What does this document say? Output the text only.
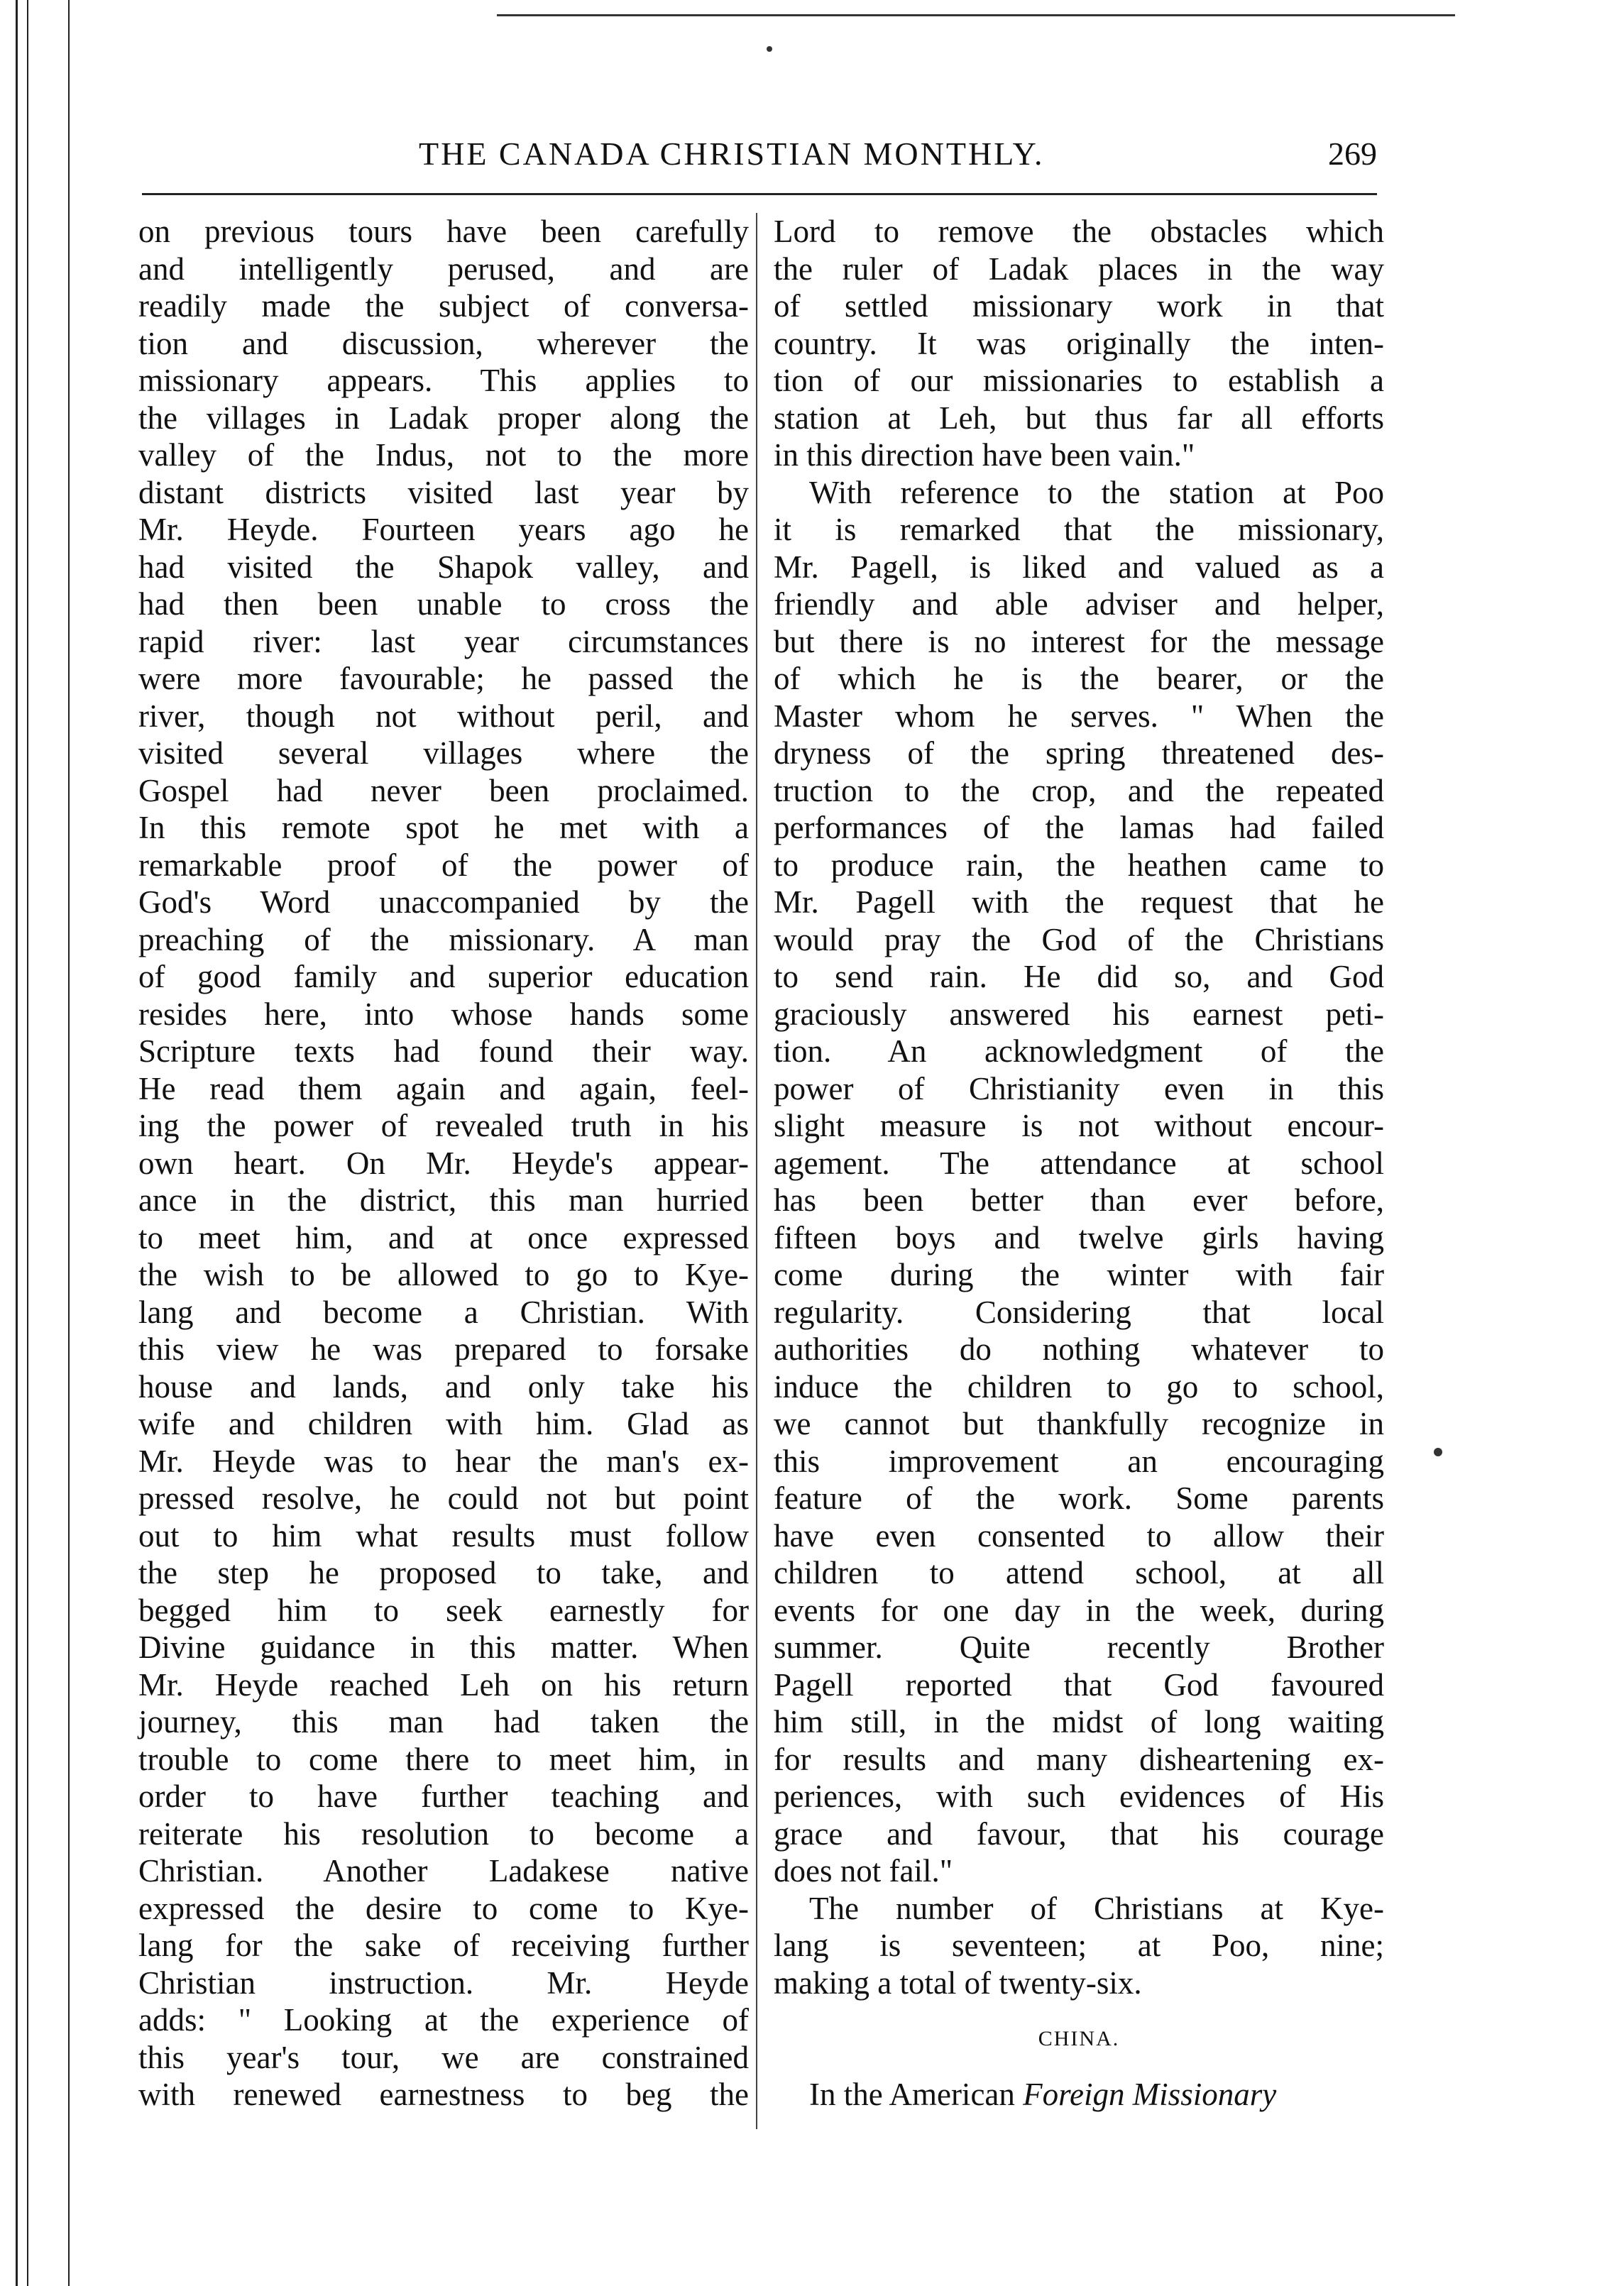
THE CANADA CHRISTIAN MONTHLY.	269
on previous tours have been carefully
and intelligently perused, and are
readily made the subject of conversa-
tion and discussion, wherever the
missionary appears. This applies to
the villages in Ladak proper along the
valley of the Indus, not to the more
distant districts visited last year by
Mr. Heyde. Fourteen years ago he
had visited the Shapok valley, and
had then been unable to cross the
rapid river: last year circumstances
were more favourable; he passed the
river, though not without peril, and
visited several villages where the
Gospel had never been proclaimed.
In this remote spot he met with a
remarkable proof of the power of
God's Word unaccompanied by the
preaching of the missionary. A man
of good family and superior education
resides here, into whose hands some
Scripture texts had found their way.
He read them again and again, feel-
ing the power of revealed truth in his
own heart. On Mr. Heyde's appear-
ance in the district, this man hurried
to meet him, and at once expressed
the wish to be allowed to go to Kye-
lang and become a Christian. With
this view he was prepared to forsake
house and lands, and only take his
wife and children with him. Glad as
Mr. Heyde was to hear the man's ex-
pressed resolve, he could not but point
out to him what results must follow
the step he proposed to take, and
begged him to seek earnestly for
Divine guidance in this matter. When
Mr. Heyde reached Leh on his return
journey, this man had taken the
trouble to come there to meet him, in
order to have further teaching and
reiterate his resolution to become a
Christian. Another Ladakese native
expressed the desire to come to Kye-
lang for the sake of receiving further
Christian instruction. Mr. Heyde
adds: " Looking at the experience of
this year's tour, we are constrained
with renewed earnestness to beg the
Lord to remove the obstacles which
the ruler of Ladak places in the way
of settled missionary work in that
country. It was originally the inten-
tion of our missionaries to establish a
station at Leh, but thus far all efforts
in this direction have been vain."
With reference to the station at Poo
it is remarked that the missionary,
Mr. Pagell, is liked and valued as a
friendly and able adviser and helper,
but there is no interest for the message
of which he is the bearer, or the
Master whom he serves. " When the
dryness of the spring threatened des-
truction to the crop, and the repeated
performances of the lamas had failed
to produce rain, the heathen came to
Mr. Pagell with the request that he
would pray the God of the Christians
to send rain. He did so, and God
graciously answered his earnest peti-
tion. An acknowledgment of the
power of Christianity even in this
slight measure is not without encour-
agement. The attendance at school
has been better than ever before,
fifteen boys and twelve girls having
come during the winter with fair
regularity. Considering that local
authorities do nothing whatever to
induce the children to go to school,
we cannot but thankfully recognize in
this improvement an encouraging
feature of the work. Some parents
have even consented to allow their
children to attend school, at all
events for one day in the week, during
summer. Quite recently Brother
Pagell reported that God favoured
him still, in the midst of long waiting
for results and many disheartening ex-
periences, with such evidences of His
grace and favour, that his courage
does not fail."
The number of Christians at Kye-
lang is seventeen; at Poo, nine;
making a total of twenty-six.
CHINA.
In the American Foreign Missionary
